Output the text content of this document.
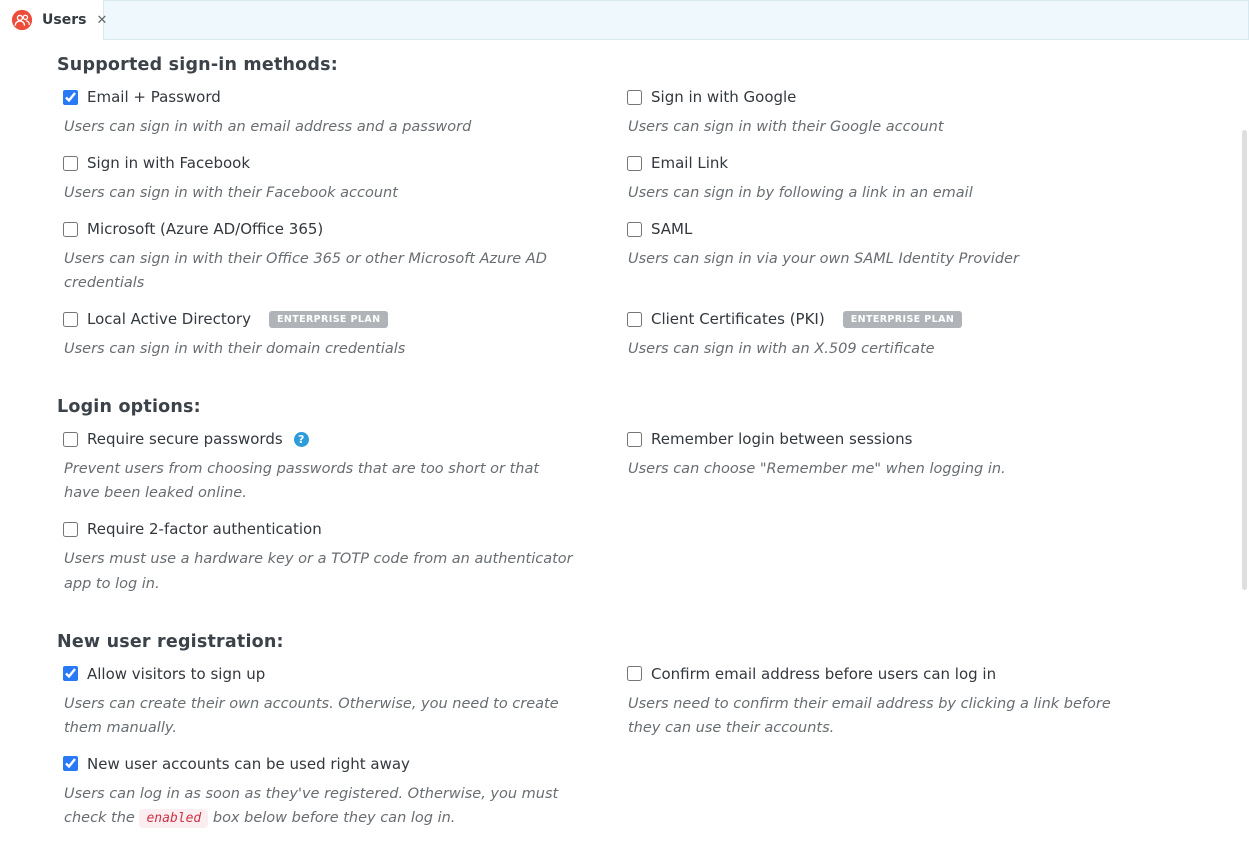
Users ✕
Supported sign-in methods:
Email + Password
Users can sign in with an email address and a password
Sign in with Google
Users can sign in with their Google account
Sign in with Facebook
Users can sign in with their Facebook account
Email Link
Users can sign in by following a link in an email
Microsoft (Azure AD/Office 365)
Users can sign in with their Office 365 or other Microsoft Azure AD credentials
SAML
Users can sign in via your own SAML Identity Provider
Local Active Directory	ENTERPRISE PLAN
Users can sign in with their domain credentials
Client Certificates (PKI)	ENTERPRISE PLAN
Users can sign in with an X.509 certificate
Login options:
Require secure passwords	?
Prevent users from choosing passwords that are too short or that have been leaked online.
Remember login between sessions
Users can choose "Remember me" when logging in.
Require 2-factor authentication
Users must use a hardware key or a TOTP code from an authenticator app to log in.
New user registration:
Allow visitors to sign up
Users can create their own accounts. Otherwise, you need to create them manually.
Confirm email address before users can log in
Users need to confirm their email address by clicking a link before they can use their accounts.
New user accounts can be used right away
Users can log in as soon as they've registered. Otherwise, you must check the enabled box below before they can log in.
